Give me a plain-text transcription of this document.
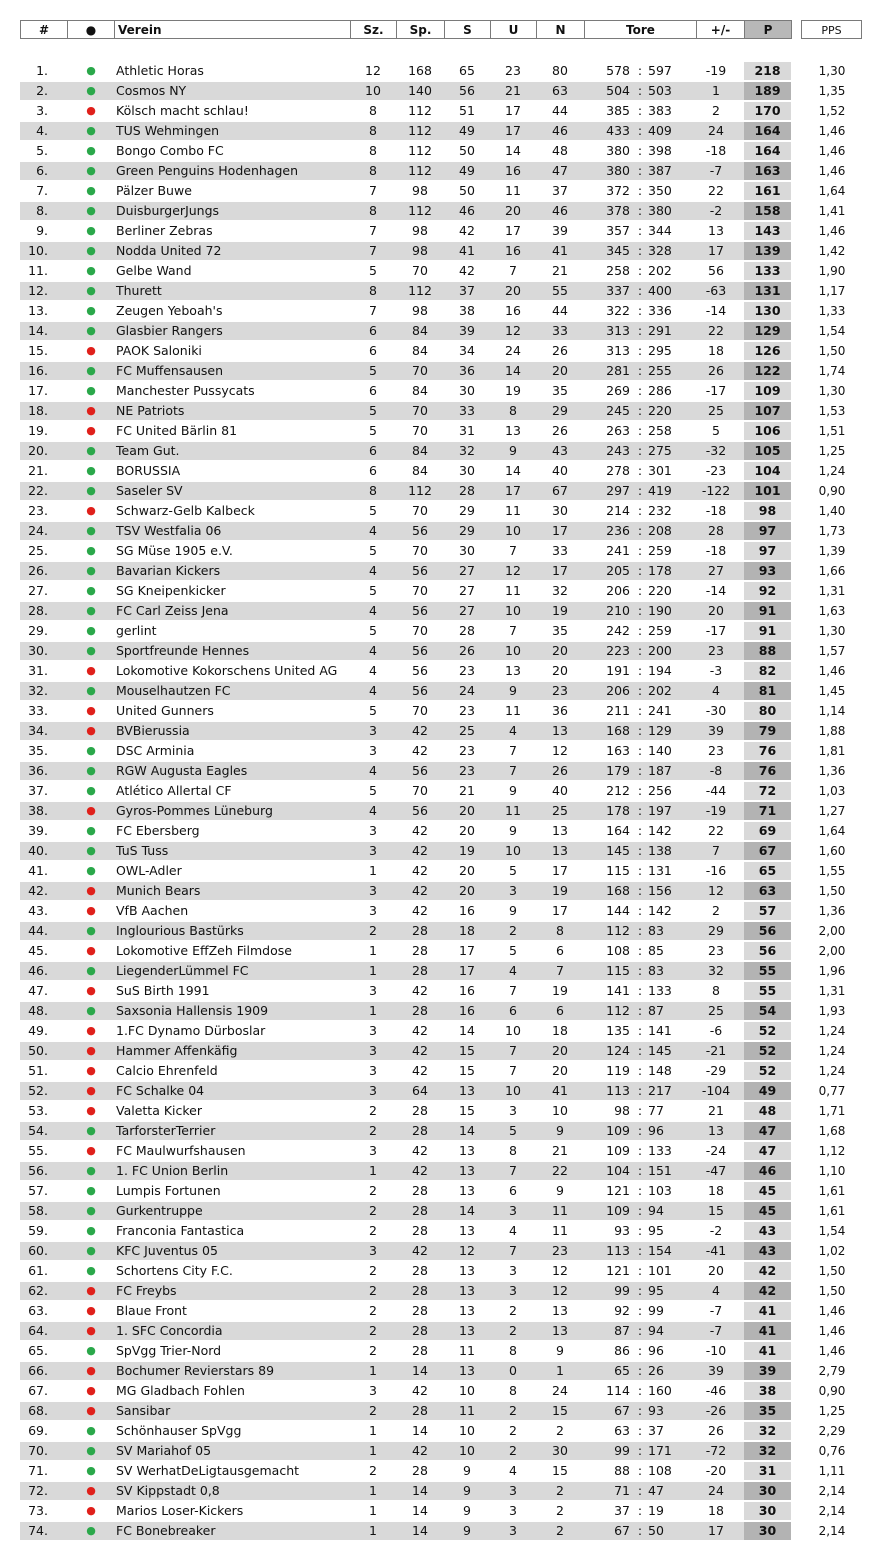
#	●	Verein	Sz.	Sp.	S	U	N	Tore	+/-	P	PPS
1.	● Athletic Horas	12	168	65	23	80	578 : 597	-19	218	1,30
2.	● Cosmos NY	10	140	56	21	63	504 : 503	1	189	1,35
3.	● Kölsch macht schlau!	8	112	51	17	44	385 : 383	2	170	1,52
4.	● TUS Wehmingen	8	112	49	17	46	433 : 409	24	164	1,46
5.	● Bongo Combo FC	8	112	50	14	48	380 : 398	-18	164	1,46
6.	● Green Penguins Hodenhagen	8	112	49	16	47	380 : 387	-7	163	1,46
7.	● Pälzer Buwe	7	98	50	11	37	372 : 350	22	161	1,64
8.	● DuisburgerJungs	8	112	46	20	46	378 : 380	-2	158	1,41
9.	● Berliner Zebras	7	98	42	17	39	357 : 344	13	143	1,46
10.	● Nodda United 72	7	98	41	16	41	345 : 328	17	139	1,42
11.	● Gelbe Wand	5	70	42	7	21	258 : 202	56	133	1,90
12.	● Thurett	8	112	37	20	55	337 : 400	-63	131	1,17
13.	● Zeugen Yeboah's	7	98	38	16	44	322 : 336	-14	130	1,33
14.	● Glasbier Rangers	6	84	39	12	33	313 : 291	22	129	1,54
15.	● PAOK Saloniki	6	84	34	24	26	313 : 295	18	126	1,50
16.	● FC Muffensausen	5	70	36	14	20	281 : 255	26	122	1,74
17.	● Manchester Pussycats	6	84	30	19	35	269 : 286	-17	109	1,30
18.	● NE Patriots	5	70	33	8	29	245 : 220	25	107	1,53
19.	● FC United Bärlin 81	5	70	31	13	26	263 : 258	5	106	1,51
20.	● Team Gut.	6	84	32	9	43	243 : 275	-32	105	1,25
21.	● BORUSSIA	6	84	30	14	40	278 : 301	-23	104	1,24
22.	● Saseler SV	8	112	28	17	67	297 : 419	-122	101	0,90
23.	● Schwarz-Gelb Kalbeck	5	70	29	11	30	214 : 232	-18	98	1,40
24.	● TSV Westfalia 06	4	56	29	10	17	236 : 208	28	97	1,73
25.	● SG Müse 1905 e.V.	5	70	30	7	33	241 : 259	-18	97	1,39
26.	● Bavarian Kickers	4	56	27	12	17	205 : 178	27	93	1,66
27.	● SG Kneipenkicker	5	70	27	11	32	206 : 220	-14	92	1,31
28.	● FC Carl Zeiss Jena	4	56	27	10	19	210 : 190	20	91	1,63
29.	● gerlint	5	70	28	7	35	242 : 259	-17	91	1,30
30.	● Sportfreunde Hennes	4	56	26	10	20	223 : 200	23	88	1,57
31.	● Lokomotive Kokorschens United AG	4	56	23	13	20	191 : 194	-3	82	1,46
32.	● Mouselhautzen FC	4	56	24	9	23	206 : 202	4	81	1,45
33.	● United Gunners	5	70	23	11	36	211 : 241	-30	80	1,14
34.	● BVBierussia	3	42	25	4	13	168 : 129	39	79	1,88
35.	● DSC Arminia	3	42	23	7	12	163 : 140	23	76	1,81
36.	● RGW Augusta Eagles	4	56	23	7	26	179 : 187	-8	76	1,36
37.	● Atlético Allertal CF	5	70	21	9	40	212 : 256	-44	72	1,03
38.	● Gyros-Pommes Lüneburg	4	56	20	11	25	178 : 197	-19	71	1,27
39.	● FC Ebersberg	3	42	20	9	13	164 : 142	22	69	1,64
40.	● TuS Tuss	3	42	19	10	13	145 : 138	7	67	1,60
41.	● OWL-Adler	1	42	20	5	17	115 : 131	-16	65	1,55
42.	● Munich Bears	3	42	20	3	19	168 : 156	12	63	1,50
43.	● VfB Aachen	3	42	16	9	17	144 : 142	2	57	1,36
44.	● Inglourious Bastürks	2	28	18	2	8	112 : 83	29	56	2,00
45.	● Lokomotive EffZeh Filmdose	1	28	17	5	6	108 : 85	23	56	2,00
46.	● LiegenderLümmel FC	1	28	17	4	7	115 : 83	32	55	1,96
47.	● SuS Birth 1991	3	42	16	7	19	141 : 133	8	55	1,31
48.	● Saxsonia Hallensis 1909	1	28	16	6	6	112 : 87	25	54	1,93
49.	● 1.FC Dynamo Dürboslar	3	42	14	10	18	135 : 141	-6	52	1,24
50.	● Hammer Affenkäfig	3	42	15	7	20	124 : 145	-21	52	1,24
51.	● Calcio Ehrenfeld	3	42	15	7	20	119 : 148	-29	52	1,24
52.	● FC Schalke 04	3	64	13	10	41	113 : 217	-104	49	0,77
53.	● Valetta Kicker	2	28	15	3	10	98 : 77	21	48	1,71
54.	● TarforsterTerrier	2	28	14	5	9	109 : 96	13	47	1,68
55.	● FC Maulwurfshausen	3	42	13	8	21	109 : 133	-24	47	1,12
56.	● 1. FC Union Berlin	1	42	13	7	22	104 : 151	-47	46	1,10
57.	● Lumpis Fortunen	2	28	13	6	9	121 : 103	18	45	1,61
58.	● Gurkentruppe	2	28	14	3	11	109 : 94	15	45	1,61
59.	● Franconia Fantastica	2	28	13	4	11	93 : 95	-2	43	1,54
60.	● KFC Juventus 05	3	42	12	7	23	113 : 154	-41	43	1,02
61.	● Schortens City F.C.	2	28	13	3	12	121 : 101	20	42	1,50
62.	● FC Freybs	2	28	13	3	12	99 : 95	4	42	1,50
63.	● Blaue Front	2	28	13	2	13	92 : 99	-7	41	1,46
64.	● 1. SFC Concordia	2	28	13	2	13	87 : 94	-7	41	1,46
65.	● SpVgg Trier-Nord	2	28	11	8	9	86 : 96	-10	41	1,46
66.	● Bochumer Revierstars 89	1	14	13	0	1	65 : 26	39	39	2,79
67.	● MG Gladbach Fohlen	3	42	10	8	24	114 : 160	-46	38	0,90
68.	● Sansibar	2	28	11	2	15	67 : 93	-26	35	1,25
69.	● Schönhauser SpVgg	1	14	10	2	2	63 : 37	26	32	2,29
70.	● SV Mariahof 05	1	42	10	2	30	99 : 171	-72	32	0,76
71.	● SV WerhatDeLigtausgemacht	2	28	9	4	15	88 : 108	-20	31	1,11
72.	● SV Kippstadt 0,8	1	14	9	3	2	71 : 47	24	30	2,14
73.	● Marios Loser-Kickers	1	14	9	3	2	37 : 19	18	30	2,14
74.	● FC Bonebreaker	1	14	9	3	2	67 : 50	17	30	2,14
